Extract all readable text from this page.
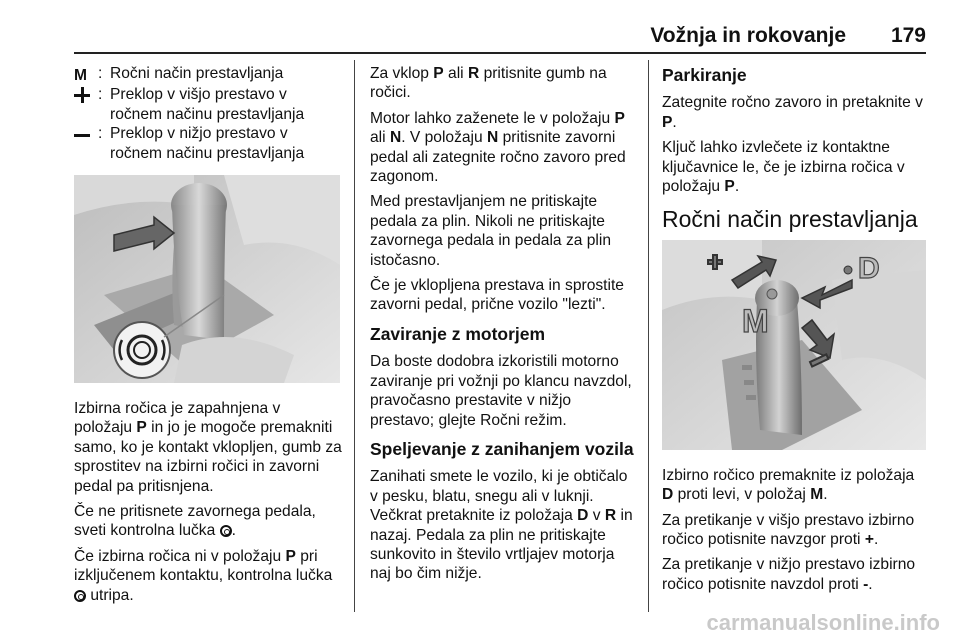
Vožnja in rokovanje 179
M : Ročni način prestavljanja
: Preklop v višjo prestavo v ročnem načinu prestavljanja
: Preklop v nižjo prestavo v ročnem načinu prestavljanja

Izbirna ročica je zapahnjena v položaju P in jo je mogoče premakniti samo, ko je kontakt vklopljen, gumb za sprostitev na izbirni ročici in zavorni pedal pa pritisnjena.

Če ne pritisnete zavornega pedala, sveti kontrolna lučka .

Če izbirna ročica ni v položaju P pri izključenem kontaktu, kontrolna lučka  utripa.

Za vklop P ali R pritisnite gumb na ročici.

Motor lahko zaženete le v položaju P ali N. V položaju N pritisnite zavorni pedal ali zategnite ročno zavoro pred zagonom.

Med prestavljanjem ne pritiskajte pedala za plin. Nikoli ne pritiskajte zavornega pedala in pedala za plin istočasno.

Če je vklopljena prestava in sprostite zavorni pedal, prične vozilo "lezti".

Zaviranje z motorjem

Da boste dodobra izkoristili motorno zaviranje pri vožnji po klancu navzdol, pravočasno prestavite v nižjo prestavo; glejte Ročni režim.

Speljevanje z zanihanjem vozila

Zanihati smete le vozilo, ki je obtičalo v pesku, blatu, snegu ali v luknji. Večkrat pretaknite iz položaja D v R in nazaj. Pedala za plin ne pritiskajte sunkovito in število vrtljajev motorja naj bo čim nižje.

Parkiranje

Zategnite ročno zavoro in pretaknite v P.

Ključ lahko izvlečete iz kontaktne ključavnice le, če je izbirna ročica v položaju P.

Ročni način prestavljanja
D
M

Izbirno ročico premaknite iz položaja D proti levi, v položaj M.

Za pretikanje v višjo prestavo izbirno ročico potisnite navzgor proti +.

Za pretikanje v nižjo prestavo izbirno ročico potisnite navzdol proti -.

carmanualsonline.info
